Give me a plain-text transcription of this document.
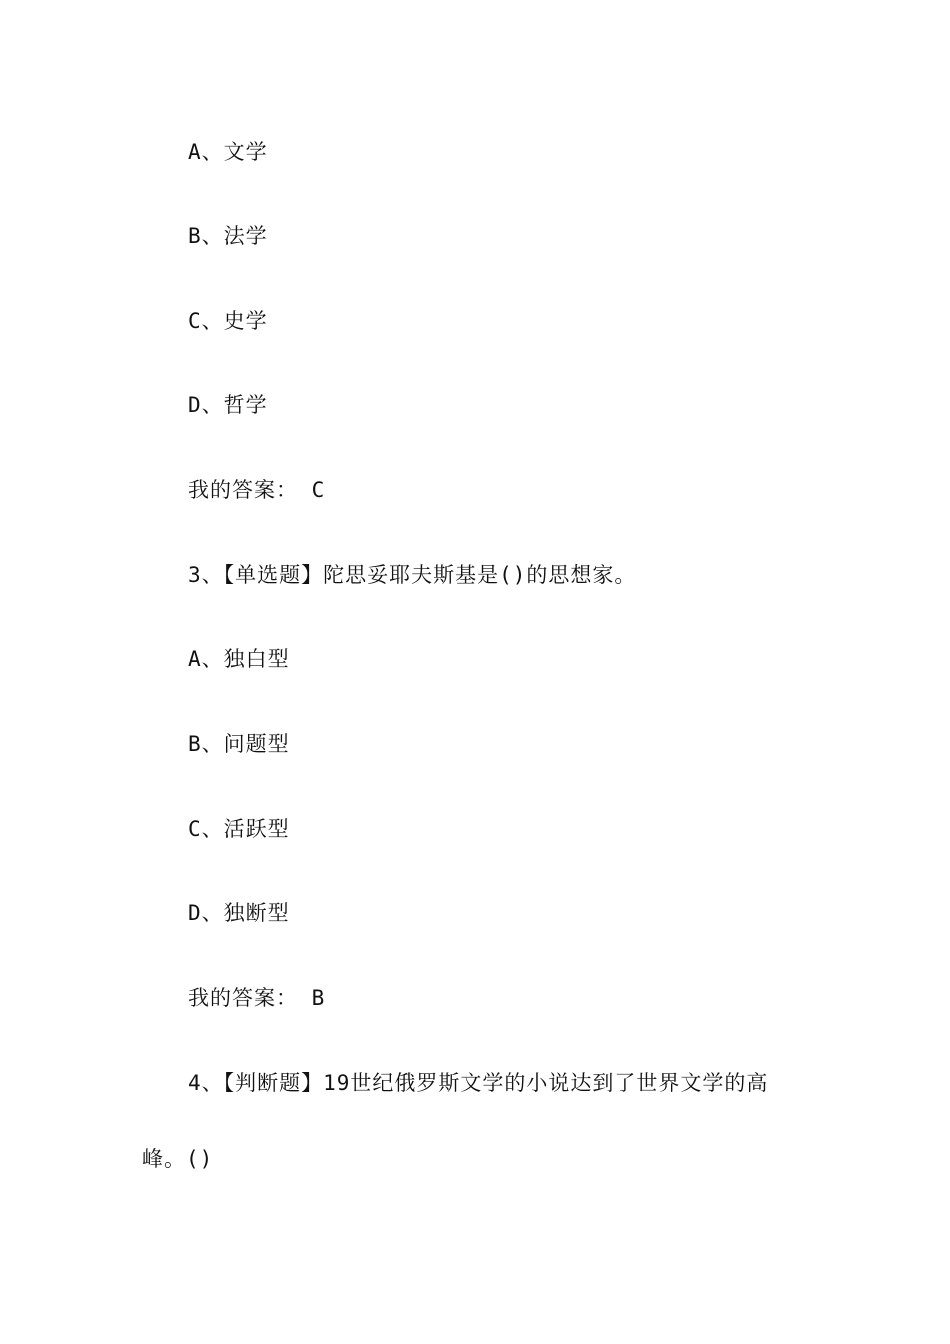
A、文学
B、法学
C、史学
D、哲学
我的答案： C
3、【单选题】陀思妥耶夫斯基是()的思想家。
A、独白型
B、问题型
C、活跃型
D、独断型
我的答案： B
4、【判断题】19世纪俄罗斯文学的小说达到了世界文学的高
峰。()
